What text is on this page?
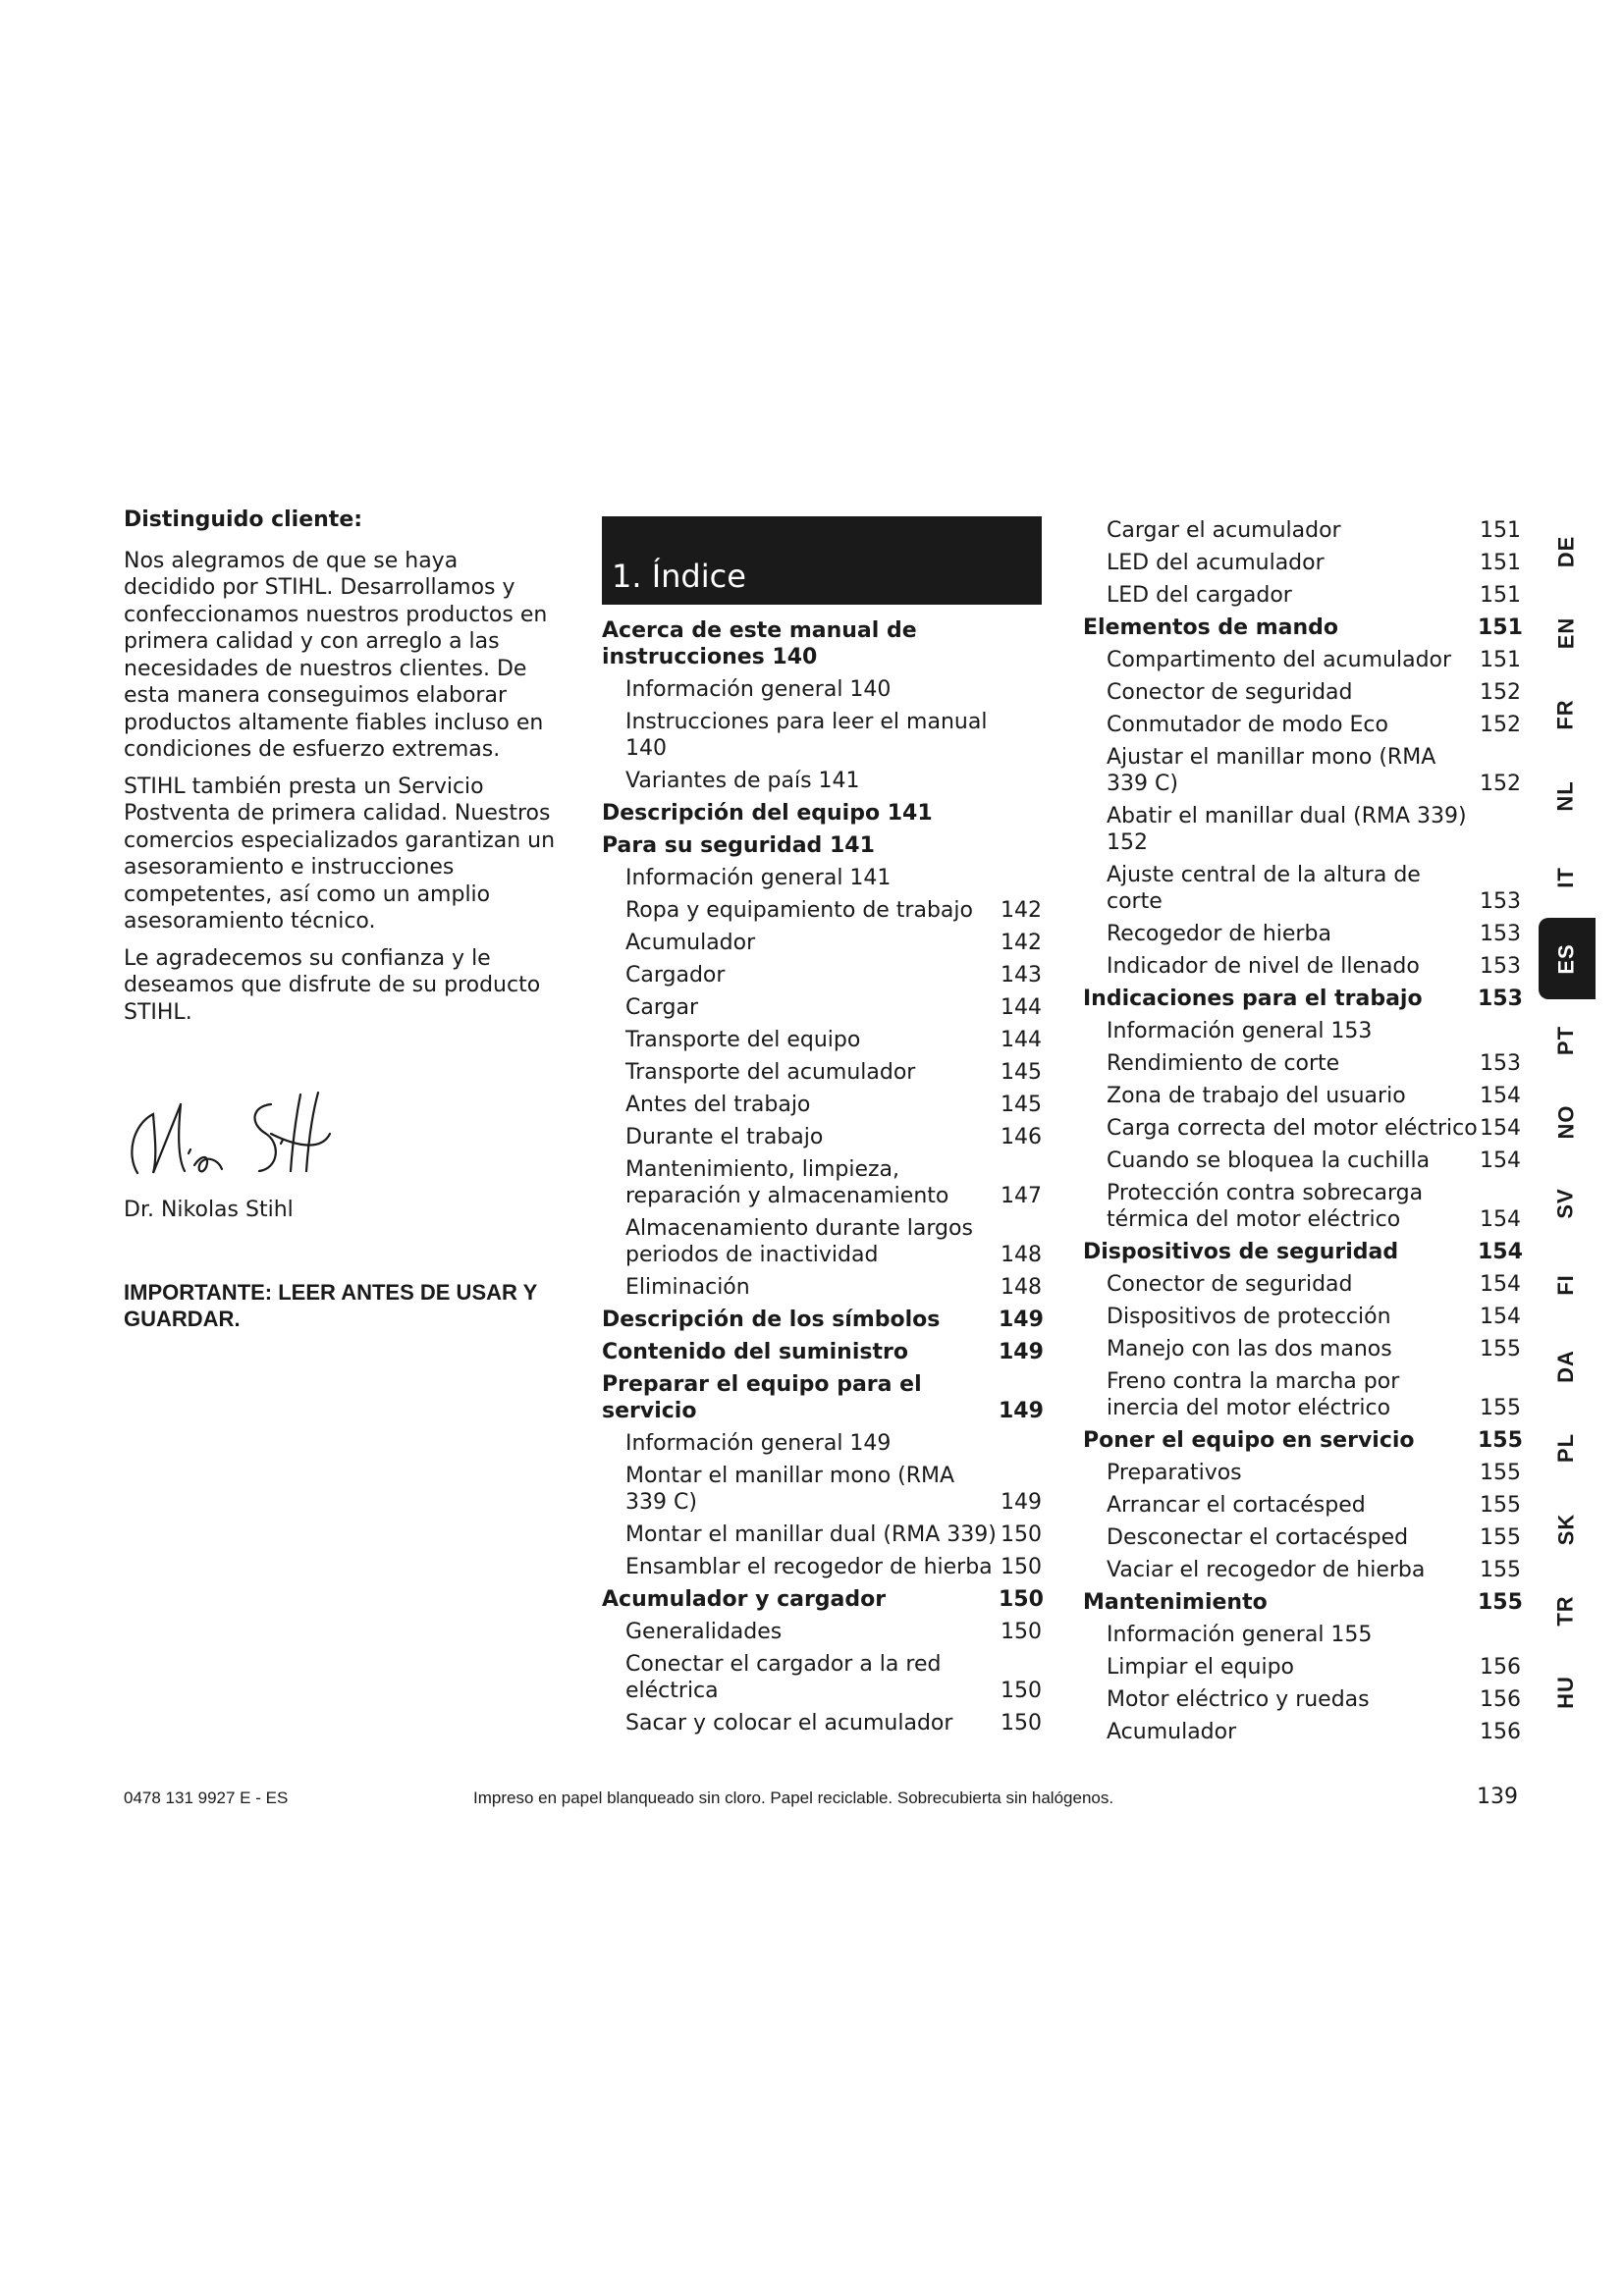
Distinguido cliente:

Nos alegramos de que se haya decidido por STIHL. Desarrollamos y confeccionamos nuestros productos en primera calidad y con arreglo a las necesidades de nuestros clientes. De esta manera conseguimos elaborar productos altamente fiables incluso en condiciones de esfuerzo extremas.

STIHL también presta un Servicio Postventa de primera calidad. Nuestros comercios especializados garantizan un asesoramiento e instrucciones competentes, así como un amplio asesoramiento técnico.

Le agradecemos su confianza y le deseamos que disfrute de su producto STIHL.

Dr. Nikolas Stihl
IMPORTANTE: LEER ANTES DE USAR Y GUARDAR.
1. Índice
Acerca de este manual de instrucciones 140
Información general 140
Instrucciones para leer el manual 140
Variantes de país 141
Descripción del equipo 141
Para su seguridad 141
Información general 141
Ropa y equipamiento de trabajo	142
Acumulador	142
Cargador	143
Cargar	144
Transporte del equipo	144
Transporte del acumulador	145
Antes del trabajo	145
Durante el trabajo	146
Mantenimiento, limpieza, reparación y almacenamiento	147
Almacenamiento durante largos periodos de inactividad	148
Eliminación	148
Descripción de los símbolos	149
Contenido del suministro	149
Preparar el equipo para el servicio	149
Información general 149
Montar el manillar mono (RMA 339 C)	149
Montar el manillar dual (RMA 339) 150
Ensamblar el recogedor de hierba 150
Acumulador y cargador	150
Generalidades	150
Conectar el cargador a la red eléctrica	150
Sacar y colocar el acumulador	150
Cargar el acumulador	151
LED del acumulador	151
LED del cargador	151
Elementos de mando	151
Compartimento del acumulador	151
Conector de seguridad	152
Conmutador de modo Eco	152
Ajustar el manillar mono (RMA 339 C)	152
Abatir el manillar dual (RMA 339) 152
Ajuste central de la altura de corte	153
Recogedor de hierba	153
Indicador de nivel de llenado	153
Indicaciones para el trabajo	153
Información general 153
Rendimiento de corte	153
Zona de trabajo del usuario	154
Carga correcta del motor eléctrico 154
Cuando se bloquea la cuchilla	154
Protección contra sobrecarga térmica del motor eléctrico	154
Dispositivos de seguridad	154
Conector de seguridad	154
Dispositivos de protección	154
Manejo con las dos manos	155
Freno contra la marcha por inercia del motor eléctrico	155
Poner el equipo en servicio	155
Preparativos	155
Arrancar el cortacésped	155
Desconectar el cortacésped	155
Vaciar el recogedor de hierba	155
Mantenimiento	155
Información general 155
Limpiar el equipo	156
Motor eléctrico y ruedas	156
Acumulador	156
DE
EN
FR
NL
IT
ES
PT
NO
SV
FI
DA
PL
SK
TR
HU
0478 131 9927 E - ES	Impreso en papel blanqueado sin cloro. Papel reciclable. Sobrecubierta sin halógenos.	139
